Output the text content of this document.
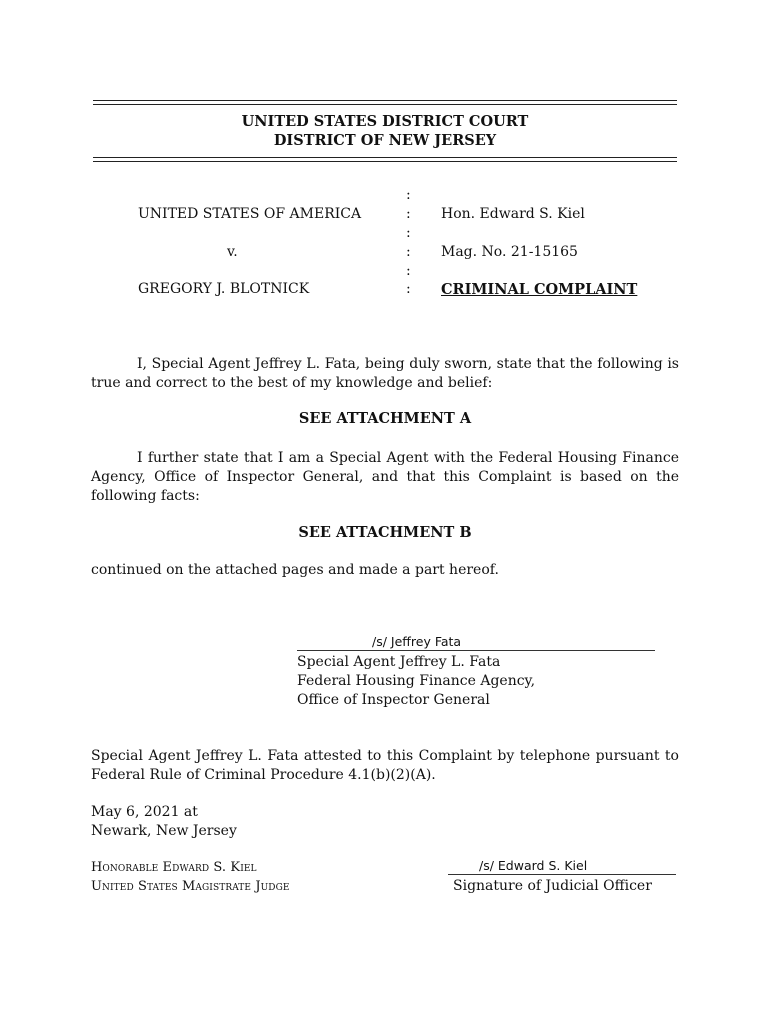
UNITED STATES DISTRICT COURT
DISTRICT OF NEW JERSEY
UNITED STATES OF AMERICA
v.
GREGORY J. BLOTNICK
:
:
:
:
:
:
Hon. Edward S. Kiel
Mag. No. 21-15165
CRIMINAL COMPLAINT
I, Special Agent Jeffrey L. Fata, being duly sworn, state that the following is true and correct to the best of my knowledge and belief:
SEE ATTACHMENT A
I further state that I am a Special Agent with the Federal Housing Finance Agency, Office of Inspector General, and that this Complaint is based on the following facts:
SEE ATTACHMENT B
continued on the attached pages and made a part hereof.
/s/ Jeffrey Fata
Special Agent Jeffrey L. Fata
Federal Housing Finance Agency,
Office of Inspector General
Special Agent Jeffrey L. Fata attested to this Complaint by telephone pursuant to Federal Rule of Criminal Procedure 4.1(b)(2)(A).
May 6, 2021 at
Newark, New Jersey
Honorable Edward S. Kiel
United States Magistrate Judge
/s/ Edward S. Kiel
Signature of Judicial Officer
